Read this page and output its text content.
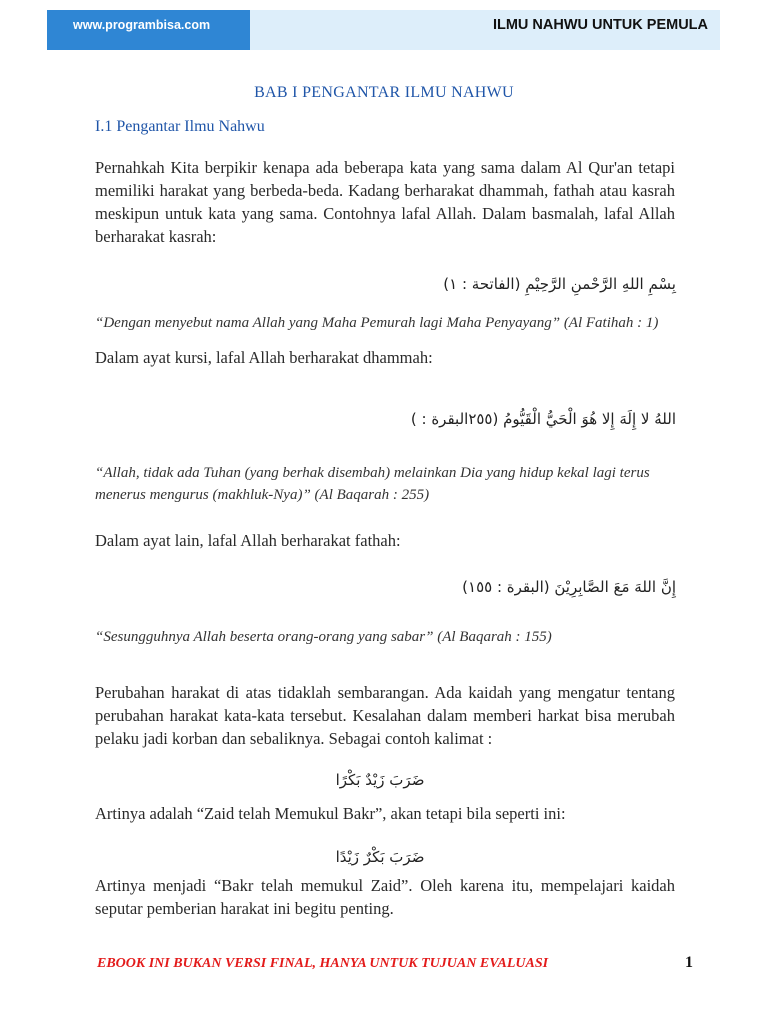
www.programbisa.com	ILMU NAHWU UNTUK PEMULA
BAB I PENGANTAR ILMU NAHWU
I.1 Pengantar Ilmu Nahwu
Pernahkah Kita berpikir kenapa ada beberapa kata yang sama dalam Al Qur'an tetapi memiliki harakat yang berbeda-beda. Kadang berharakat dhammah, fathah atau kasrah meskipun untuk kata yang sama. Contohnya lafal Allah. Dalam basmalah, lafal Allah berharakat kasrah:
بِسْمِ اللهِ الرَّحْمنِ الرَّحِيْمِ (الفاتحة : ١)
“Dengan menyebut nama Allah yang Maha Pemurah lagi Maha Penyayang” (Al Fatihah : 1)
Dalam ayat kursi, lafal Allah berharakat dhammah:
اللهُ لا إِلَهَ إِلا هُوَ الْحَيُّ الْقَيُّومُ (٢٥٥البقرة : )
“Allah, tidak ada Tuhan (yang berhak disembah) melainkan Dia yang hidup kekal lagi terus menerus mengurus (makhluk-Nya)” (Al Baqarah : 255)
Dalam ayat lain, lafal Allah berharakat fathah:
إِنَّ اللهَ مَعَ الصَّابِرِيْنَ (البقرة : ١٥٥)
“Sesungguhnya Allah beserta orang-orang yang sabar” (Al Baqarah : 155)
Perubahan harakat di atas tidaklah sembarangan. Ada kaidah yang mengatur tentang perubahan harakat kata-kata tersebut. Kesalahan dalam memberi harkat bisa merubah pelaku jadi korban dan sebaliknya. Sebagai contoh kalimat :
ضَرَبَ زَيْدٌ بَكْرًا
Artinya adalah “Zaid telah Memukul Bakr”, akan tetapi bila seperti ini:
ضَرَبَ بَكْرٌ زَيْدًا
Artinya menjadi “Bakr telah memukul Zaid”. Oleh karena itu, mempelajari kaidah seputar pemberian harakat ini begitu penting.
EBOOK INI BUKAN VERSI FINAL, HANYA UNTUK TUJUAN EVALUASI	1
